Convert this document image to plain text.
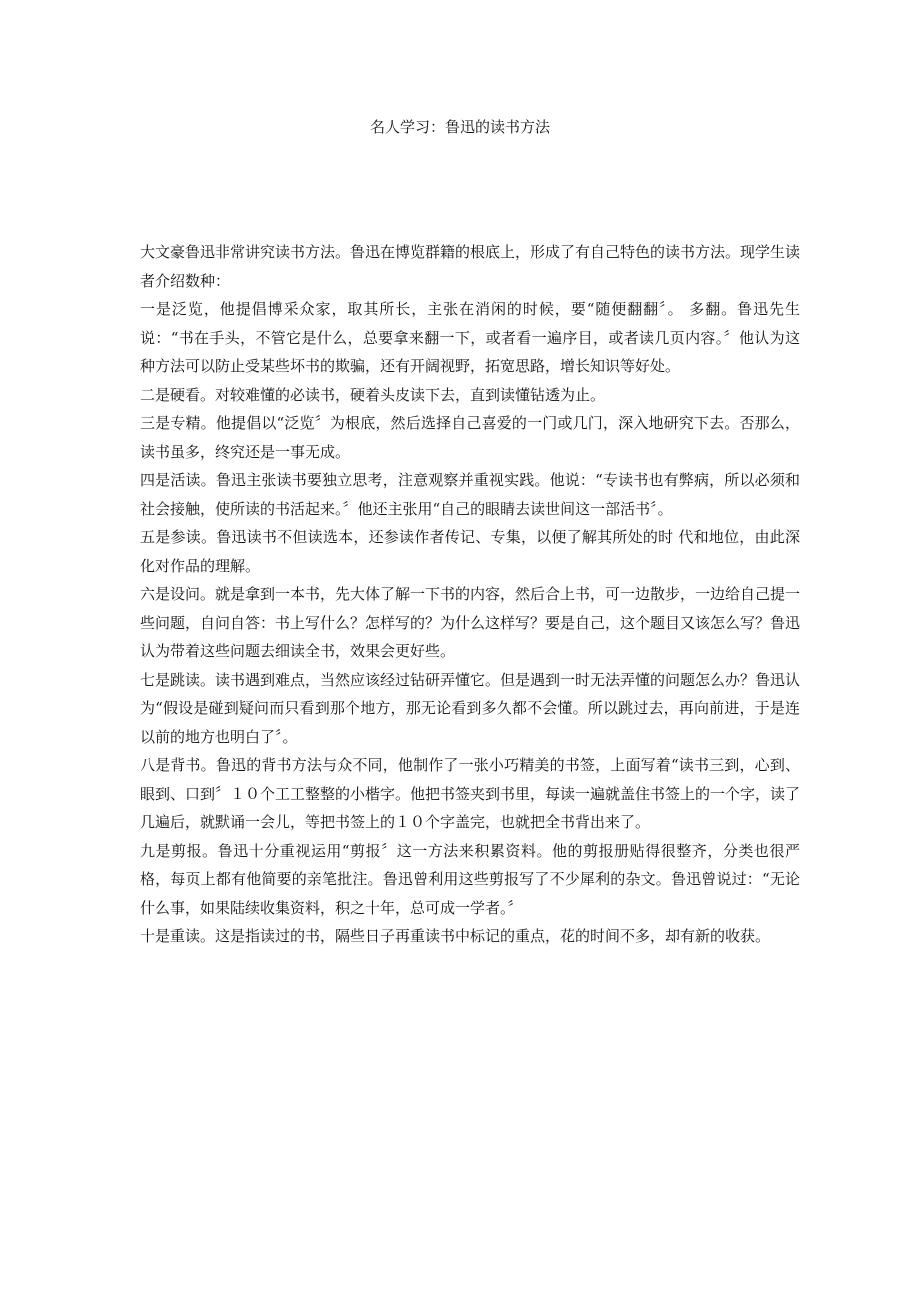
名人学习：鲁迅的读书方法

大文豪鲁迅非常讲究读书方法。鲁迅在博览群籍的根底上，形成了有自己特色的读书方法。现学生读者介绍数种：

一是泛览，他提倡博采众家，取其所长，主张在消闲的时候，要“随便翻翻〞。 多翻。鲁迅先生说：“书在手头，不管它是什么，总要拿来翻一下，或者看一遍序目，或者读几页内容。〞他认为这种方法可以防止受某些坏书的欺骗，还有开阔视野，拓宽思路，增长知识等好处。

二是硬看。对较难懂的必读书，硬着头皮读下去，直到读懂钻透为止。

三是专精。他提倡以“泛览〞为根底，然后选择自己喜爱的一门或几门，深入地研究下去。否那么，读书虽多，终究还是一事无成。

四是活读。鲁迅主张读书要独立思考，注意观察并重视实践。他说：“专读书也有弊病，所以必须和社会接触，使所读的书活起来。〞他还主张用“自己的眼睛去读世间这一部活书〞。

五是参读。鲁迅读书不但读选本，还参读作者传记、专集，以便了解其所处的时 代和地位，由此深化对作品的理解。

六是设问。就是拿到一本书，先大体了解一下书的内容，然后合上书，可一边散步，一边给自己提一些问题，自问自答：书上写什么？怎样写的？为什么这样写？要是自己，这个题目又该怎么写？鲁迅认为带着这些问题去细读全书，效果会更好些。

七是跳读。读书遇到难点，当然应该经过钻研弄懂它。但是遇到一时无法弄懂的问题怎么办？鲁迅认为“假设是碰到疑问而只看到那个地方，那无论看到多久都不会懂。所以跳过去，再向前进，于是连以前的地方也明白了〞。

八是背书。鲁迅的背书方法与众不同，他制作了一张小巧精美的书签，上面写着“读书三到，心到、眼到、口到〞１０个工工整整的小楷字。他把书签夹到书里，每读一遍就盖住书签上的一个字，读了几遍后，就默诵一会儿，等把书签上的１０个字盖完，也就把全书背出来了。

九是剪报。鲁迅十分重视运用“剪报〞这一方法来积累资料。他的剪报册贴得很整齐，分类也很严格，每页上都有他简要的亲笔批注。鲁迅曾利用这些剪报写了不少犀利的杂文。鲁迅曾说过：“无论什么事，如果陆续收集资料，积之十年，总可成一学者。〞

十是重读。这是指读过的书，隔些日子再重读书中标记的重点，花的时间不多，却有新的收获。
